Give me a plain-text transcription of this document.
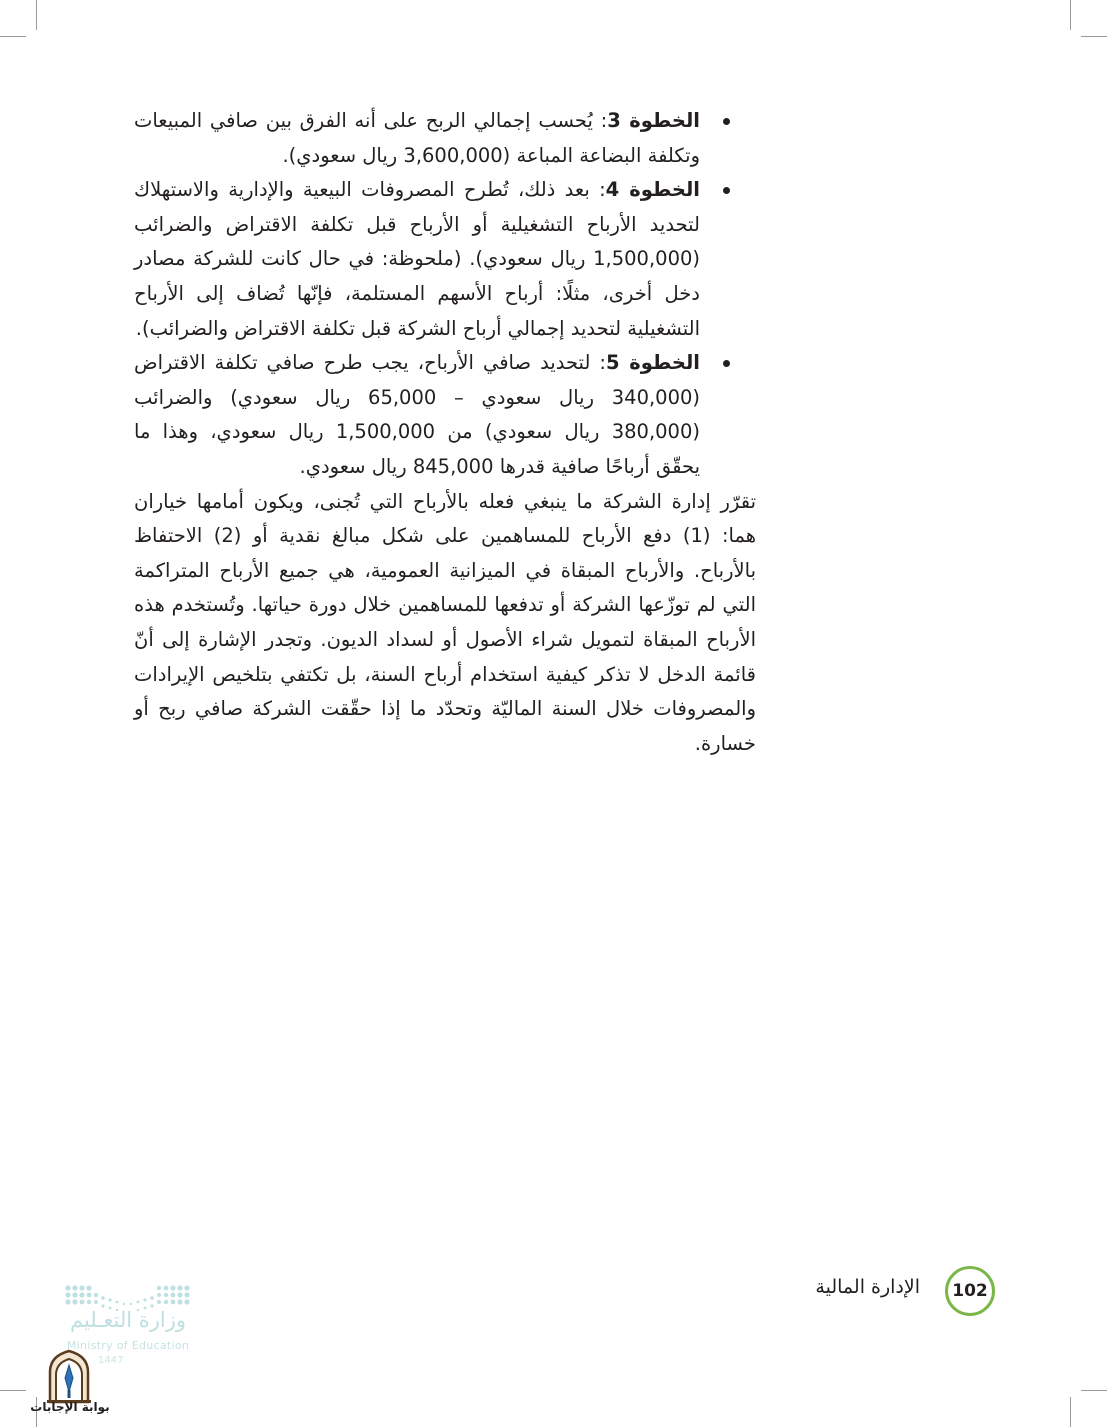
الخطوة 3: يُحسب إجمالي الربح على أنه الفرق بين صافي المبيعات وتكلفة البضاعة المباعة (3,600,000 ريال سعودي).
الخطوة 4: بعد ذلك، تُطرح المصروفات البيعية والإدارية والاستهلاك لتحديد الأرباح التشغيلية أو الأرباح قبل تكلفة الاقتراض والضرائب (1,500,000 ريال سعودي). (ملحوظة: في حال كانت للشركة مصادر دخل أخرى، مثلًا: أرباح الأسهم المستلمة، فإنّها تُضاف إلى الأرباح التشغيلية لتحديد إجمالي أرباح الشركة قبل تكلفة الاقتراض والضرائب).
الخطوة 5: لتحديد صافي الأرباح، يجب طرح صافي تكلفة الاقتراض (340,000 ريال سعودي – 65,000 ريال سعودي) والضرائب (380,000 ريال سعودي) من 1,500,000 ريال سعودي، وهذا ما يحقّق أرباحًا صافية قدرها 845,000 ريال سعودي.

تقرّر إدارة الشركة ما ينبغي فعله بالأرباح التي تُجنى، ويكون أمامها خياران هما: (1) دفع الأرباح للمساهمين على شكل مبالغ نقدية أو (2) الاحتفاظ بالأرباح. والأرباح المبقاة في الميزانية العمومية، هي جميع الأرباح المتراكمة التي لم توزّعها الشركة أو تدفعها للمساهمين خلال دورة حياتها. وتُستخدم هذه الأرباح المبقاة لتمويل شراء الأصول أو لسداد الديون. وتجدر الإشارة إلى أنّ قائمة الدخل لا تذكر كيفية استخدام أرباح السنة، بل تكتفي بتلخيص الإيرادات والمصروفات خلال السنة الماليّة وتحدّد ما إذا حقّقت الشركة صافي ربح أو خسارة.

102
الإدارة المالية
وزارة التعـليم
Ministry of Education
1447
بوابة الإجابات
